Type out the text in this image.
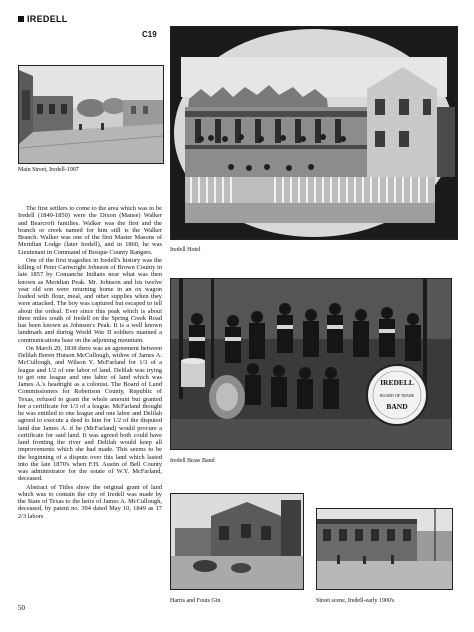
IREDELL
C19
Main Street, Iredell-1907
Iredell Hotel
IREDELL
BOARD OF TRADE
BAND
Iredell Brass Band
Harris and Fouts Gin	Street scene, Iredell-early 1900's

The first settlers to come to the area which was to be Iredell (1849-1850) were the Dixon (Manse) Walker and Bearcroft families. Walker was the first and the branch or creek named for him still is the Walker Branch. Walker was one of the first Master Masons of Meridian Lodge (later Iredell), and in 1860, he was Lieutenant in Command of Bosque County Rangers.

One of the first tragedies in Iredell's history was the killing of Peter Cartwright Johnson of Brown County in late 1857 by Comanche Indians near what was then known as Meridian Peak. Mr. Johnson and his twelve year old son were returning home in an ox wagon loaded with flour, meal, and other supplies when they were attacked. The boy was captured but escaped to tell about the ordeal. Ever since this peak which is about three miles south of Iredell on the Spring Creek Road has been known as Johnson's Peak. It is a well known landmark and during World War II soldiers manned a communications base on the adjoining mountain.

On March 20, 1838 there was an agreement between Delilah Boren Hutson McCullough, widow of James A. McCullough, and Wilson Y. McFarland for 1/3 of a league and 1/2 of one labor of land. Delilah was trying to get one league and one labor of land which was James A.'s headright as a colonist. The Board of Land Commissioners for Robertson County, Republic of Texas, refused to grant the whole amount but granted her a certificate for 1/3 of a league. McFarland thought he was entitled to one league and one labor and Delilah agreed to execute a deed to him for 1/2 of the disputed land due James A. if he (McFarland) would procure a certificate for said land. It was agreed both could have land fronting the river and Delilah would keep all improvements which she had made. This seems to be the beginning of a dispute over this land which lasted into the late 1870's when F.H. Austin of Bell County was administrator for the estate of W.Y. McFarland, deceased.

Abstract of Titles show the original grant of land which was to contain the city of Iredell was made by the State of Texas to the heirs of James A. McCullough, deceased, by patent no. 394 dated May 10, 1849 as 17 2/3 labors

50
